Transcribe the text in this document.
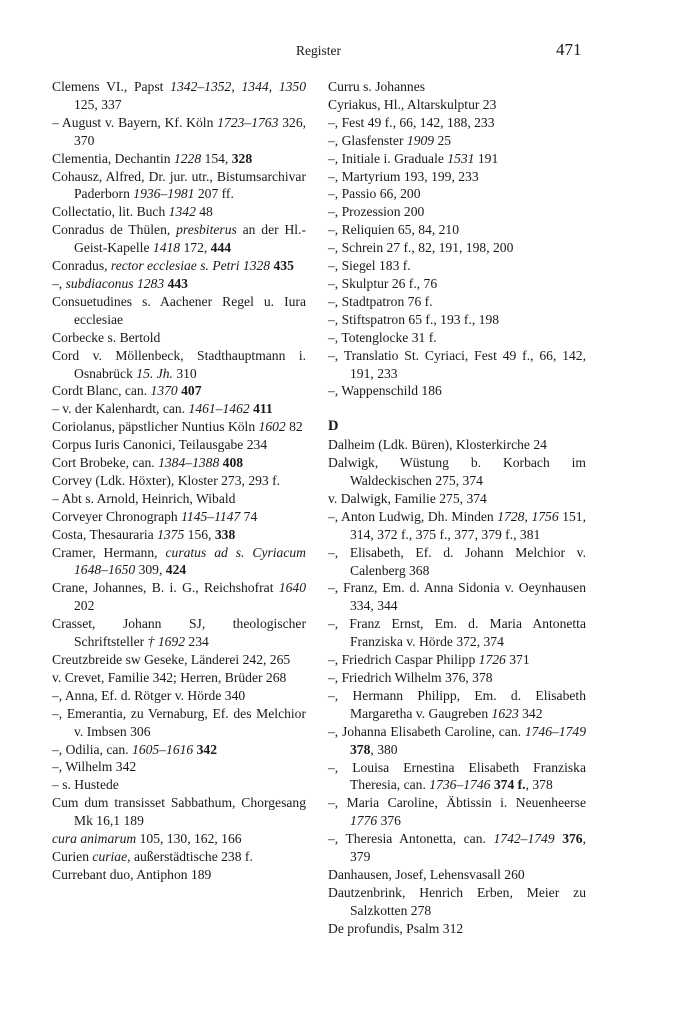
Register	471

Clemens VI., Papst 1342–1352, 1344, 1350 125, 337

– August v. Bayern, Kf. Köln 1723–1763 326, 370

Clementia, Dechantin 1228 154, 328

Cohausz, Alfred, Dr. jur. utr., Bistumsarchivar Paderborn 1936–1981 207 ff.

Collectatio, lit. Buch 1342 48

Conradus de Thülen, presbiterus an der Hl.-Geist-Kapelle 1418 172, 444

Conradus, rector ecclesiae s. Petri 1328 435

–, subdiaconus 1283 443

Consuetudines s. Aachener Regel u. Iura ecclesiae

Corbecke s. Bertold

Cord v. Möllenbeck, Stadthauptmann i. Osnabrück 15. Jh. 310

Cordt Blanc, can. 1370 407

– v. der Kalenhardt, can. 1461–1462 411

Coriolanus, päpstlicher Nuntius Köln 1602 82

Corpus Iuris Canonici, Teilausgabe 234

Cort Brobeke, can. 1384–1388 408

Corvey (Ldk. Höxter), Kloster 273, 293 f.

– Abt s. Arnold, Heinrich, Wibald

Corveyer Chronograph 1145–1147 74

Costa, Thesauraria 1375 156, 338

Cramer, Hermann, curatus ad s. Cyriacum 1648–1650 309, 424

Crane, Johannes, B. i. G., Reichshofrat 1640 202

Crasset, Johann SJ, theologischer Schriftsteller † 1692 234

Creutzbreide sw Geseke, Länderei 242, 265

v. Crevet, Familie 342; Herren, Brüder 268

–, Anna, Ef. d. Rötger v. Hörde 340

–, Emerantia, zu Vernaburg, Ef. des Melchior v. Imbsen 306

–, Odilia, can. 1605–1616 342

–, Wilhelm 342

– s. Hustede

Cum dum transisset Sabbathum, Chorgesang Mk 16,1 189

cura animarum 105, 130, 162, 166

Curien curiae, außerstädtische 238 f.

Currebant duo, Antiphon 189

Curru s. Johannes

Cyriakus, Hl., Altarskulptur 23

–, Fest 49 f., 66, 142, 188, 233

–, Glasfenster 1909 25

–, Initiale i. Graduale 1531 191

–, Martyrium 193, 199, 233

–, Passio 66, 200

–, Prozession 200

–, Reliquien 65, 84, 210

–, Schrein 27 f., 82, 191, 198, 200

–, Siegel 183 f.

–, Skulptur 26 f., 76

–, Stadtpatron 76 f.

–, Stiftspatron 65 f., 193 f., 198

–, Totenglocke 31 f.

–, Translatio St. Cyriaci, Fest 49 f., 66, 142, 191, 233

–, Wappenschild 186

D

Dalheim (Ldk. Büren), Klosterkirche 24

Dalwigk, Wüstung b. Korbach im Waldeckischen 275, 374

v. Dalwigk, Familie 275, 374

–, Anton Ludwig, Dh. Minden 1728, 1756 151, 314, 372 f., 375 f., 377, 379 f., 381

–, Elisabeth, Ef. d. Johann Melchior v. Calenberg 368

–, Franz, Em. d. Anna Sidonia v. Oeynhausen 334, 344

–, Franz Ernst, Em. d. Maria Antonetta Franziska v. Hörde 372, 374

–, Friedrich Caspar Philipp 1726 371

–, Friedrich Wilhelm 376, 378

–, Hermann Philipp, Em. d. Elisabeth Margaretha v. Gaugreben 1623 342

–, Johanna Elisabeth Caroline, can. 1746–1749 378, 380

–, Louisa Ernestina Elisabeth Franziska Theresia, can. 1736–1746 374 f., 378

–, Maria Caroline, Äbtissin i. Neuenheerse 1776 376

–, Theresia Antonetta, can. 1742–1749 376, 379

Danhausen, Josef, Lehensvasall 260

Dautzenbrink, Henrich Erben, Meier zu Salzkotten 278

De profundis, Psalm 312
